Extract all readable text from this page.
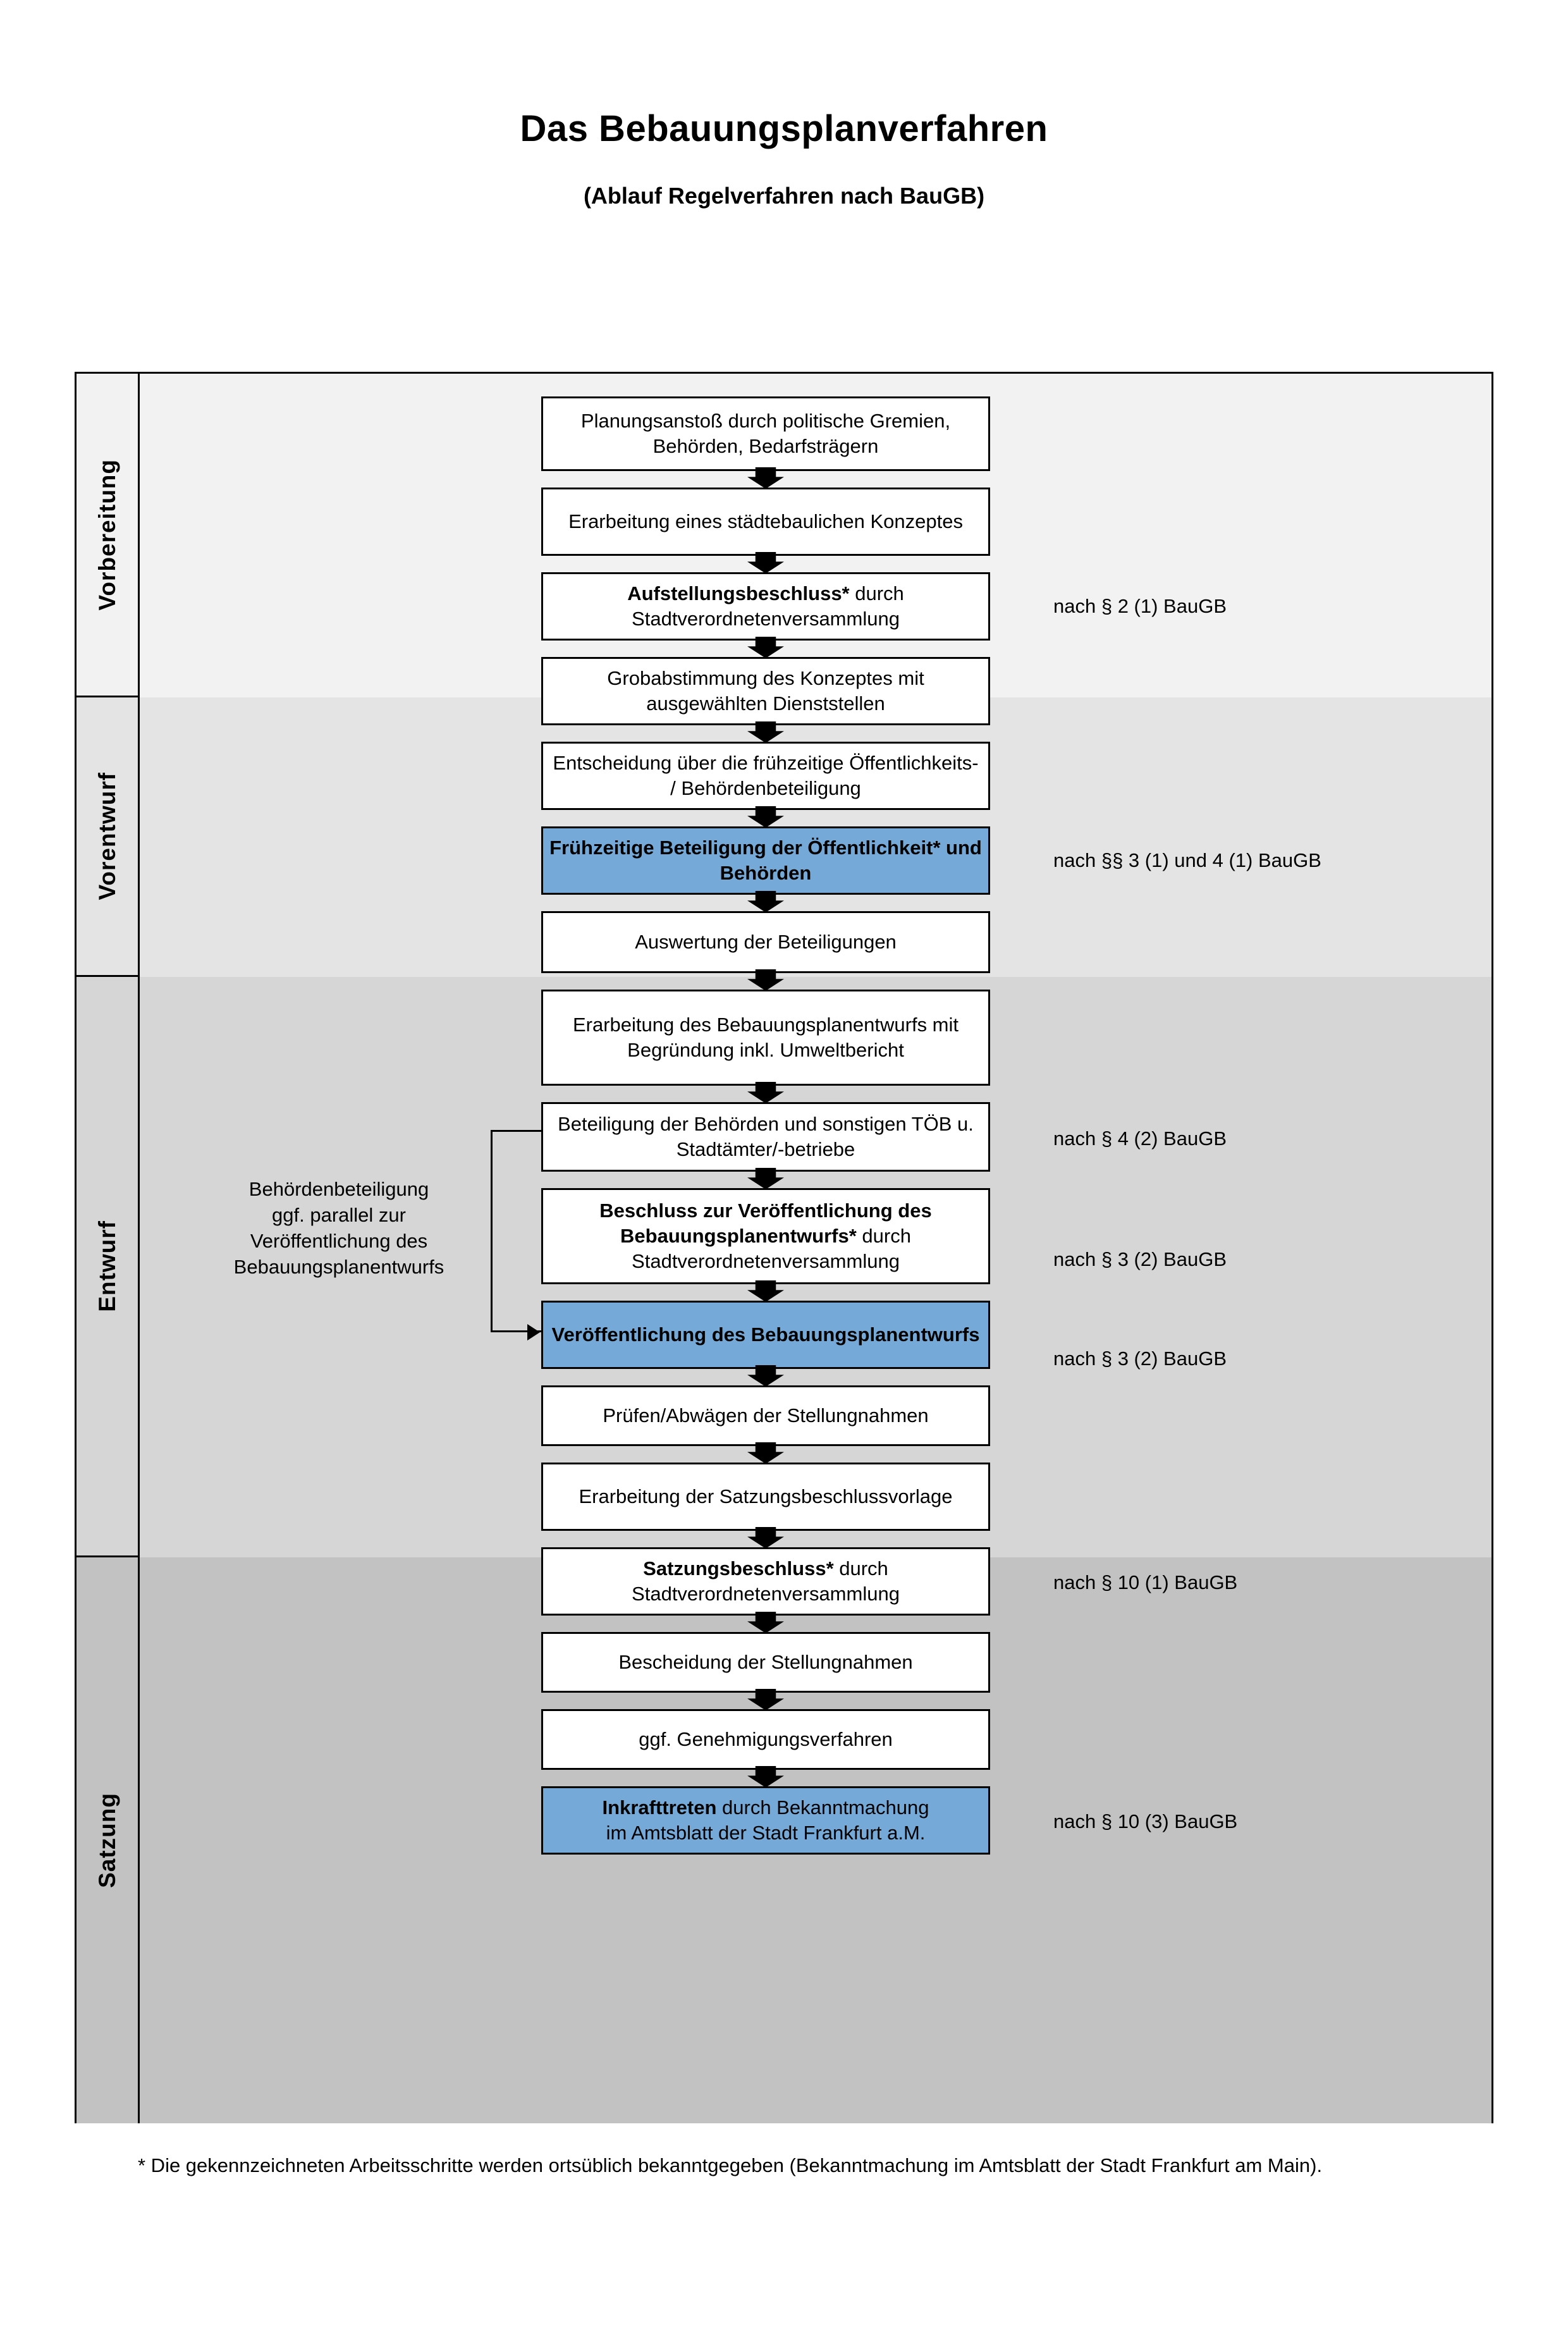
Das Bebauungsplanverfahren
(Ablauf Regelverfahren nach BauGB)
Vorbereitung
Vorentwurf
Entwurf
Satzung
Planungsanstoß durch politische Gremien, Behörden, Bedarfsträgern
Erarbeitung eines städtebaulichen Konzeptes
Aufstellungsbeschluss* durch
Stadtverordnetenversammlung
Grobabstimmung des Konzeptes mit ausgewählten Dienststellen
Entscheidung über die frühzeitige Öffentlichkeits- / Behördenbeteiligung
Frühzeitige Beteiligung der Öffentlichkeit* und Behörden
Auswertung der Beteiligungen
Erarbeitung des Bebauungsplanentwurfs mit Begründung inkl. Umweltbericht
Beteiligung der Behörden und sonstigen TÖB u. Stadtämter/-betriebe
Beschluss zur Veröffentlichung des
Bebauungsplanentwurfs* durch
Stadtverordnetenversammlung
Veröffentlichung des Bebauungsplanentwurfs
Prüfen/Abwägen der Stellungnahmen
Erarbeitung der Satzungsbeschlussvorlage
Satzungsbeschluss* durch
Stadtverordnetenversammlung
Bescheidung der Stellungnahmen
ggf. Genehmigungsverfahren
Inkrafttreten durch Bekanntmachung
im Amtsblatt der Stadt Frankfurt a.M.
Behördenbeteiligung
ggf. parallel zur
Veröffentlichung des
Bebauungsplanentwurfs
nach § 2 (1) BauGB
nach §§ 3 (1) und 4 (1) BauGB
nach § 4 (2) BauGB
nach § 3 (2) BauGB
nach § 3 (2) BauGB
nach § 10 (1) BauGB
nach § 10 (3) BauGB
* Die gekennzeichneten Arbeitsschritte werden ortsüblich bekanntgegeben (Bekanntmachung im Amtsblatt der Stadt Frankfurt am Main).
